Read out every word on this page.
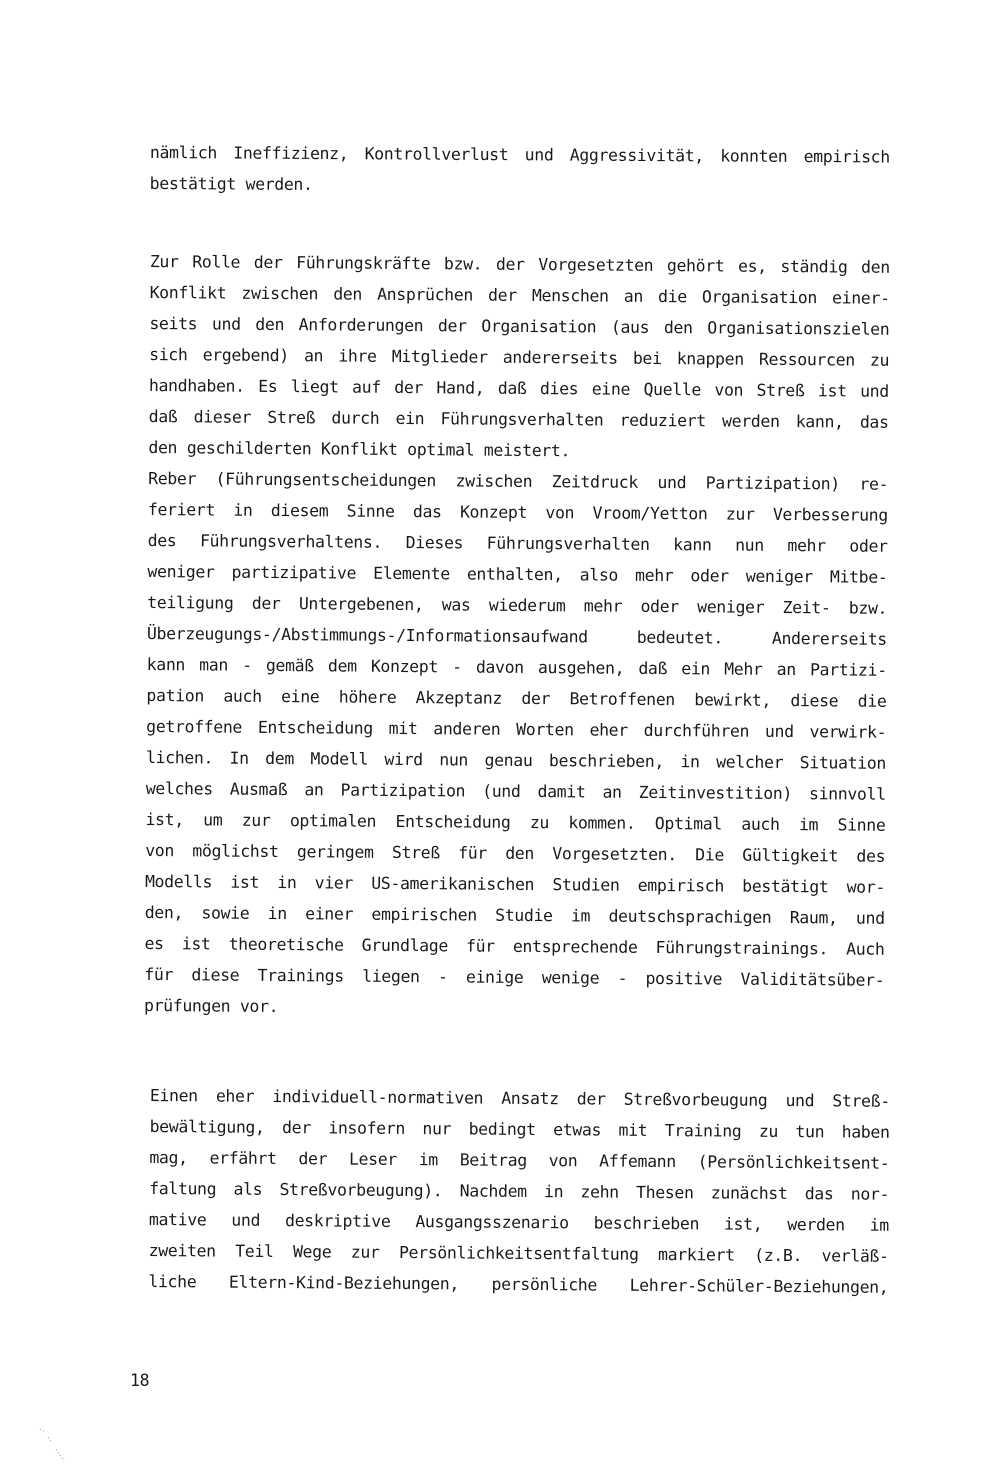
nämlich Ineffizienz, Kontrollverlust und Aggressivität, konnten empirisch
bestätigt werden.
Zur Rolle der Führungskräfte bzw. der Vorgesetzten gehört es, ständig den
Konflikt zwischen den Ansprüchen der Menschen an die Organisation einer-
seits und den Anforderungen der Organisation (aus den Organisationszielen
sich ergebend) an ihre Mitglieder andererseits bei knappen Ressourcen zu
handhaben. Es liegt auf der Hand, daß dies eine Quelle von Streß ist und
daß dieser Streß durch ein Führungsverhalten reduziert werden kann, das
den geschilderten Konflikt optimal meistert.
Reber (Führungsentscheidungen zwischen Zeitdruck und Partizipation) re-
feriert in diesem Sinne das Konzept von Vroom/Yetton zur Verbesserung
des Führungsverhaltens. Dieses Führungsverhalten kann nun mehr oder
weniger partizipative Elemente enthalten, also mehr oder weniger Mitbe-
teiligung der Untergebenen, was wiederum mehr oder weniger Zeit- bzw.
Überzeugungs-/Abstimmungs-/Informationsaufwand bedeutet. Andererseits
kann man - gemäß dem Konzept - davon ausgehen, daß ein Mehr an Partizi-
pation auch eine höhere Akzeptanz der Betroffenen bewirkt, diese die
getroffene Entscheidung mit anderen Worten eher durchführen und verwirk-
lichen. In dem Modell wird nun genau beschrieben, in welcher Situation
welches Ausmaß an Partizipation (und damit an Zeitinvestition) sinnvoll
ist, um zur optimalen Entscheidung zu kommen. Optimal auch im Sinne
von möglichst geringem Streß für den Vorgesetzten. Die Gültigkeit des
Modells ist in vier US-amerikanischen Studien empirisch bestätigt wor-
den, sowie in einer empirischen Studie im deutschsprachigen Raum, und
es ist theoretische Grundlage für entsprechende Führungstrainings. Auch
für diese Trainings liegen - einige wenige - positive Validitätsüber-
prüfungen vor.
Einen eher individuell-normativen Ansatz der Streßvorbeugung und Streß-
bewältigung, der insofern nur bedingt etwas mit Training zu tun haben
mag, erfährt der Leser im Beitrag von Affemann (Persönlichkeitsent-
faltung als Streßvorbeugung). Nachdem in zehn Thesen zunächst das nor-
mative und deskriptive Ausgangsszenario beschrieben ist, werden im
zweiten Teil Wege zur Persönlichkeitsentfaltung markiert (z.B. verläß-
liche Eltern-Kind-Beziehungen, persönliche Lehrer-Schüler-Beziehungen,
18
